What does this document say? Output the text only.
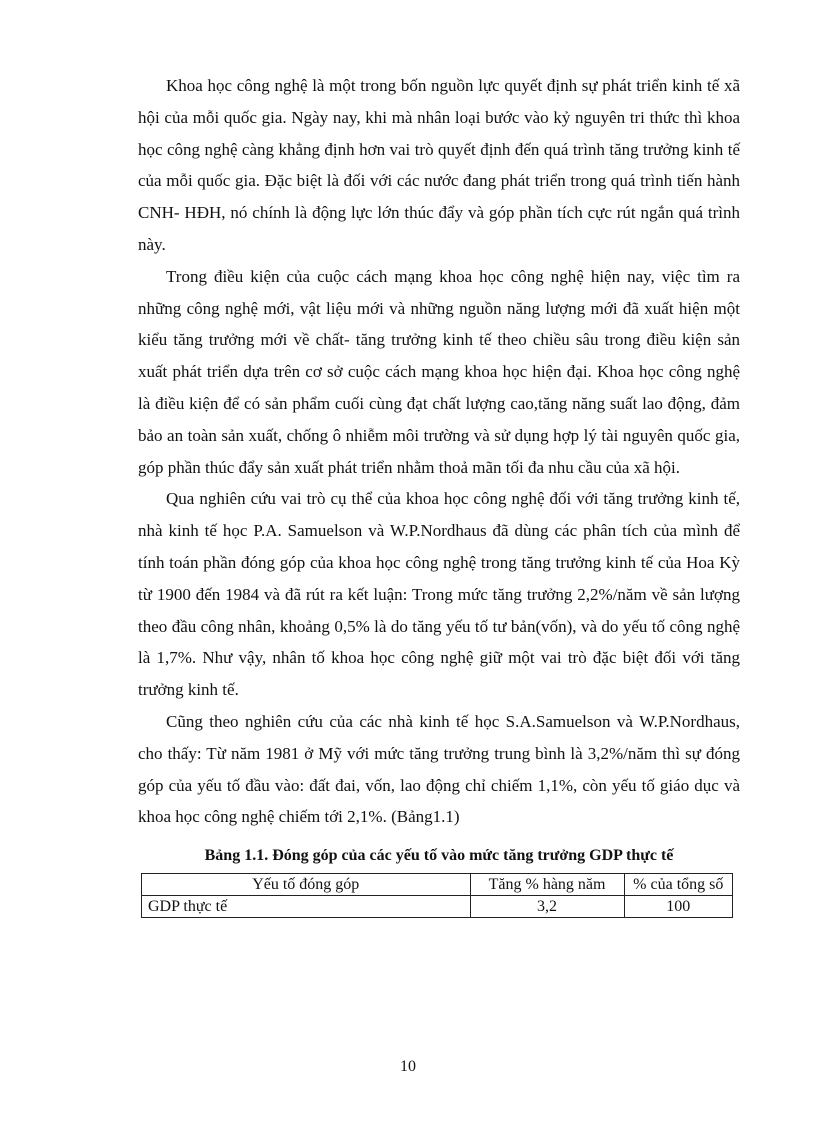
Khoa học công nghệ là một trong bốn nguồn lực quyết định sự phát triển kinh tế xã hội của mỗi quốc gia. Ngày nay, khi mà nhân loại bước vào kỷ nguyên tri thức thì khoa học công nghệ càng khẳng định hơn vai trò quyết định đến quá trình tăng trưởng kinh tế của mỗi quốc gia. Đặc biệt là đối với các nước đang phát triển trong quá trình tiến hành CNH- HĐH, nó chính là động lực lớn thúc đẩy và góp phần tích cực rút ngắn quá trình này.

Trong điều kiện của cuộc cách mạng khoa học công nghệ hiện nay, việc tìm ra những công nghệ mới, vật liệu mới và những nguồn năng lượng mới đã xuất hiện một kiểu tăng trưởng mới về chất- tăng trưởng kinh tế theo chiều sâu trong điều kiện sản xuất phát triển dựa trên cơ sở cuộc cách mạng khoa học hiện đại. Khoa học công nghệ là điều kiện để có sản phẩm cuối cùng đạt chất lượng cao,tăng năng suất lao động, đảm bảo an toàn sản xuất, chống ô nhiễm môi trường và sử dụng hợp lý tài nguyên quốc gia, góp phần thúc đẩy sản xuất phát triển nhằm thoả mãn tối đa nhu cầu của xã hội.

Qua nghiên cứu vai trò cụ thể của khoa học công nghệ đối với tăng trưởng kinh tế, nhà kinh tế học P.A. Samuelson và W.P.Nordhaus đã dùng các phân tích của mình để tính toán phần đóng góp của khoa học công nghệ trong tăng trưởng kinh tế của Hoa Kỳ từ 1900 đến 1984 và đã rút ra kết luận: Trong mức tăng trưởng 2,2%/năm về sản lượng theo đầu công nhân, khoảng 0,5% là do tăng yếu tố tư bản(vốn), và do yếu tố công nghệ là 1,7%. Như vậy, nhân tố khoa học công nghệ giữ một vai trò đặc biệt đối với tăng trưởng kinh tế.

Cũng theo nghiên cứu của các nhà kinh tế học S.A.Samuelson và W.P.Nordhaus, cho thấy: Từ năm 1981 ở Mỹ với mức tăng trưởng trung bình là 3,2%/năm thì sự đóng góp của yếu tố đầu vào: đất đai, vốn, lao động chỉ chiếm 1,1%, còn yếu tố giáo dục và khoa học công nghệ chiếm tới 2,1%. (Bảng1.1)

Bảng 1.1. Đóng góp của các yếu tố vào mức tăng trưởng GDP thực tế
Yếu tố đóng góp	Tăng % hàng năm	% của tổng số
GDP thực tế	3,2	100
10
